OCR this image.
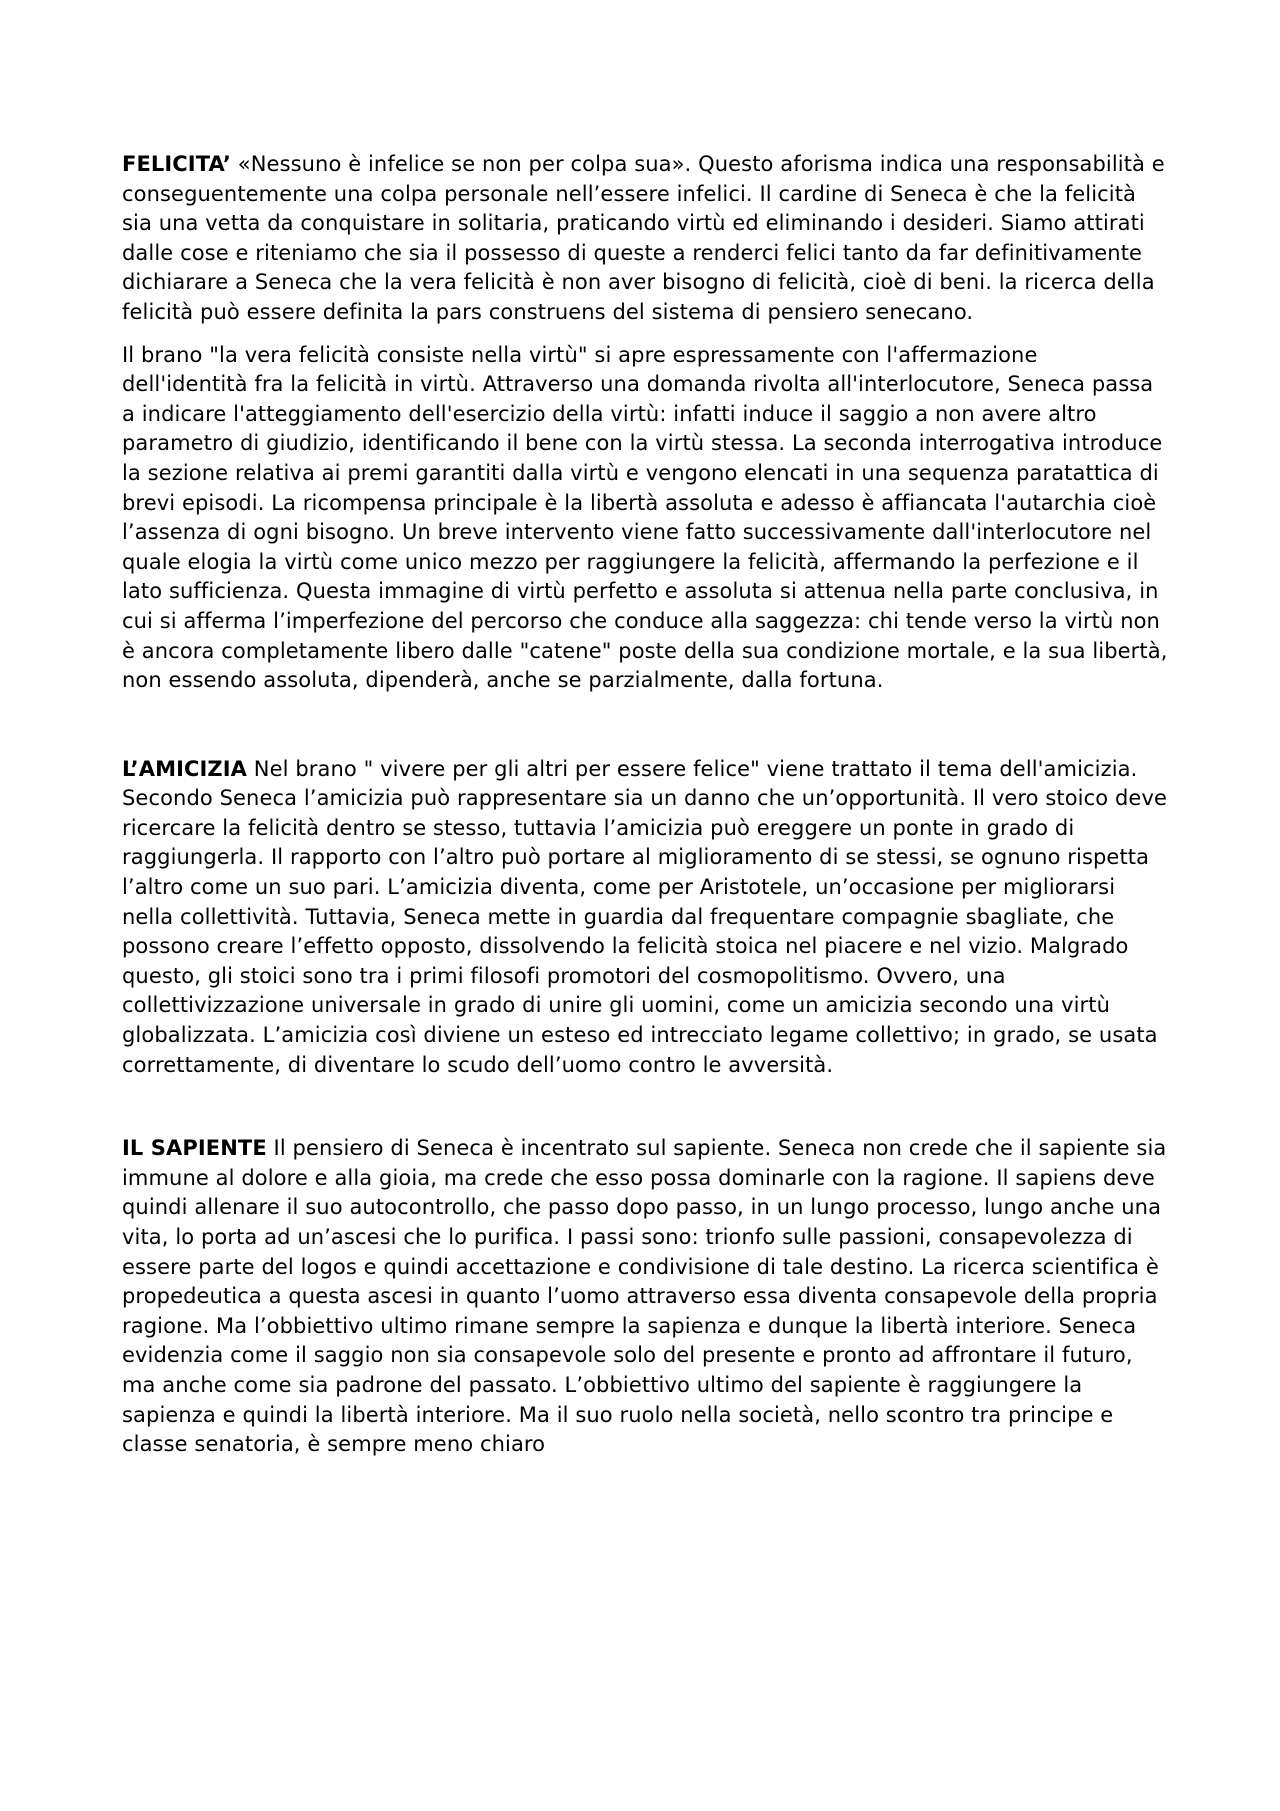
FELICITA’ «Nessuno è infelice se non per colpa sua». Questo aforisma indica una responsabilità e conseguentemente una colpa personale nell’essere infelici. Il cardine di Seneca è che la felicità sia una vetta da conquistare in solitaria, praticando virtù ed eliminando i desideri. Siamo attirati dalle cose e riteniamo che sia il possesso di queste a renderci felici tanto da far definitivamente dichiarare a Seneca che la vera felicità è non aver bisogno di felicità, cioè di beni. la ricerca della felicità può essere definita la pars construens del sistema di pensiero senecano.

Il brano "la vera felicità consiste nella virtù" si apre espressamente con l'affermazione dell'identità fra la felicità in virtù. Attraverso una domanda rivolta all'interlocutore, Seneca passa a indicare l'atteggiamento dell'esercizio della virtù: infatti induce il saggio a non avere altro parametro di giudizio, identificando il bene con la virtù stessa. La seconda interrogativa introduce la sezione relativa ai premi garantiti dalla virtù e vengono elencati in una sequenza paratattica di brevi episodi. La ricompensa principale è la libertà assoluta e adesso è affiancata l'autarchia cioè l’assenza di ogni bisogno. Un breve intervento viene fatto successivamente dall'interlocutore nel quale elogia la virtù come unico mezzo per raggiungere la felicità, affermando la perfezione e il lato sufficienza. Questa immagine di virtù perfetto e assoluta si attenua nella parte conclusiva, in cui si afferma l’imperfezione del percorso che conduce alla saggezza: chi tende verso la virtù non è ancora completamente libero dalle "catene" poste della sua condizione mortale, e la sua libertà, non essendo assoluta, dipenderà, anche se parzialmente, dalla fortuna.

L’AMICIZIA Nel brano " vivere per gli altri per essere felice" viene trattato il tema dell'amicizia. Secondo Seneca l’amicizia può rappresentare sia un danno che un’opportunità. Il vero stoico deve ricercare la felicità dentro se stesso, tuttavia l’amicizia può ereggere un ponte in grado di raggiungerla. Il rapporto con l’altro può portare al miglioramento di se stessi, se ognuno rispetta l’altro come un suo pari. L’amicizia diventa, come per Aristotele, un’occasione per migliorarsi nella collettività. Tuttavia, Seneca mette in guardia dal frequentare compagnie sbagliate, che possono creare l’effetto opposto, dissolvendo la felicità stoica nel piacere e nel vizio. Malgrado questo, gli stoici sono tra i primi filosofi promotori del cosmopolitismo. Ovvero, una collettivizzazione universale in grado di unire gli uomini, come un amicizia secondo una virtù globalizzata. L’amicizia così diviene un esteso ed intrecciato legame collettivo; in grado, se usata correttamente, di diventare lo scudo dell’uomo contro le avversità.

IL SAPIENTE Il pensiero di Seneca è incentrato sul sapiente. Seneca non crede che il sapiente sia immune al dolore e alla gioia, ma crede che esso possa dominarle con la ragione. Il sapiens deve quindi allenare il suo autocontrollo, che passo dopo passo, in un lungo processo, lungo anche una vita, lo porta ad un’ascesi che lo purifica. I passi sono: trionfo sulle passioni, consapevolezza di essere parte del logos e quindi accettazione e condivisione di tale destino. La ricerca scientifica è propedeutica a questa ascesi in quanto l’uomo attraverso essa diventa consapevole della propria ragione. Ma l’obbiettivo ultimo rimane sempre la sapienza e dunque la libertà interiore. Seneca evidenzia come il saggio non sia consapevole solo del presente e pronto ad affrontare il futuro, ma anche come sia padrone del passato. L’obbiettivo ultimo del sapiente è raggiungere la sapienza e quindi la libertà interiore. Ma il suo ruolo nella società, nello scontro tra principe e classe senatoria, è sempre meno chiaro
